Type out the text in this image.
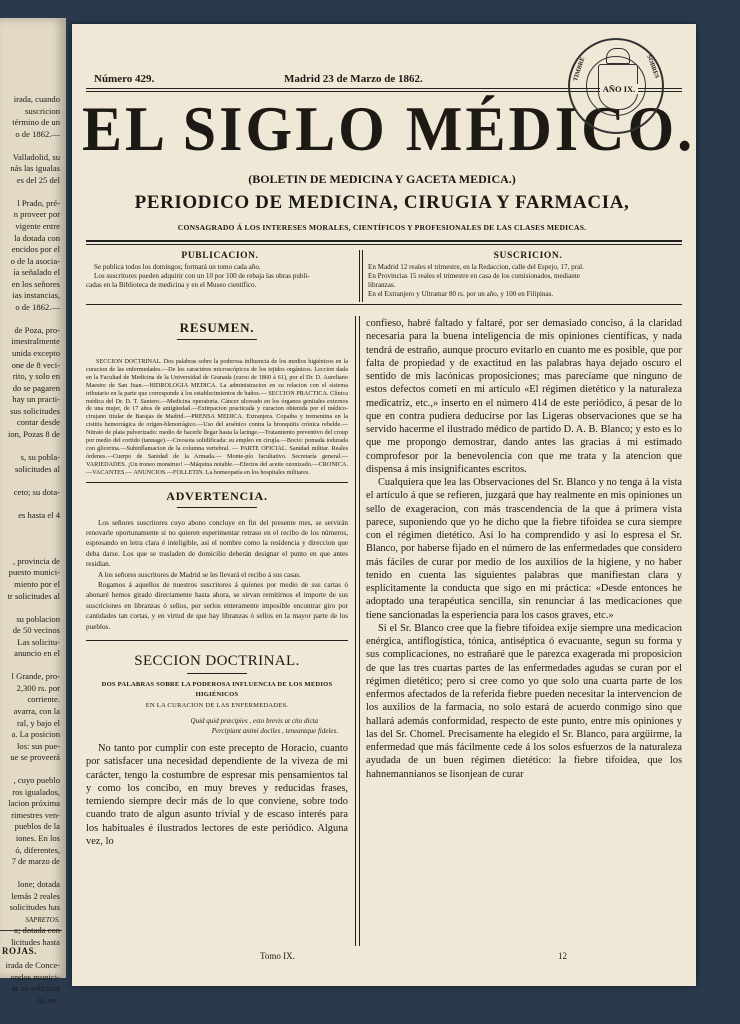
irada, cuando
suscricion
término de un
o de 1862.—

Valladolid, su
nás las igualas
es del 25 del

l Prado, pré-
n proveer por
vigente entre
la dotada con
encidos por el
o de la asocia-
ía señalado el
en los señores
ias instancias,
o de 1862.—

de Poza, pro-
imestralmente
unida excepto
one de 8 veci-
rito, y solo en
do se pagaren
hay un practi-
sus solicitudes
contar desde
ion, Pozas 8 de

s, su pobla-
solicitudes al

ceto; su dota-

es hasta el 4

, provincia de
puesto munici-
miento por el
tr solicitudes al

su poblacion
de 50 vecinos
Las solicitu-
anuncio en el

l Grande, pro-
2,300 rs. por
corriente.
avarra, con la
ral, y bajo el
a. La posicion
los: sus pue-
ue se proveerá

, cuyo pueblo
ros igualados,
lacion próxima
rimestres ven-
pueblos de la
iones. En los
ó, diferentes,
7 de marzo de

lone; dotada
lemás 2 reales
solicitudes has

licitudes hasta

irada de Conce-
ondos munici-
ar su solicitud
ia, etc.
SAPRETOS.
ROJAS.
Número 429.	Madrid 23 de Marzo de 1862.
EL SIGLO MÉDICO.
(BOLETIN DE MEDICINA Y GACETA MEDICA.)
PERIODICO DE MEDICINA, CIRUGIA Y FARMACIA,
CONSAGRADO Á LOS INTERESES MORALES, CIENTÍFICOS Y PROFESIONALES DE LAS CLASES MEDICAS.
AÑO IX.
TIMBRE	SOBRES
PUBLICACION.
Se publica todos los domingos; formará un tomo cada año.
Los suscritores pueden adquirir con un 10 por 100 de rebaja las obras publi-
cadas en la Biblioteca de medicina y en el Museo científico.
SUSCRICION.
En Madrid 12 reales el trimestre, en la Redaccion, calle del Espejo, 17, pral.
En Provincias 15 reales el trimestre en casa de los comisionados, mediante
libranzas.
En el Extranjero y Ultramar 80 rs. por un año, y 100 en Filipinas.
RESUMEN.
SECCION DOCTRINAL. Dos palabras sobre la poderosa influencia de los medios higiénicos en la curacion de las enfermedades.—De los caractéres microscópicos de los tejidos orgánicos. Leccion dada en la Facultad de Medicina de la Universidad de Granada (curso de 1860 á 61), por el Dr. D. Aureliano Maestre de San Juan.—HIDROLOGIA MEDICA. La administracion en su relacion con el sistema tributario en la parte que corresponde á los establecimientos de baños.— SECCION PRACTICA. Clínica médica del Dr. D. T. Santero.—Medicina operatoria. Cáncer ulcerado en los órganos genitales externos de una mujer, de 17 años de antigüedad.—Extirpacion practicada y curacion obtenida por el médico-cirujano titular de Barajas de Madrid.—PRENSA MEDICA. Extranjera. Copaiba y trementina en la cistitis hemorrágica de origen-blenorrágico.—Uso del arsénico contra la bronquitis crónica rebelde.—Nitrato de plata pulverizado: medio de hacerle llegar hasta la laringe.—Tratamiento preventivo del croup por medio del cortido (tannage).—Creosota solidificada: su empleo en cirujía.—Bocio: pomada iodurada con glicerina.—Subinflamacion de la columna vertebral. — PARTE OFICIAL. Sanidad militar. Reales órdenes.—Cuerpo de Sanidad de la Armada.— Monte-pío facultativo. Secretaría general.—VARIEDADES. ¡Un troneo monstruo! —Máquina notable.—Efectos del aceite ozonizado.—CRONICA.—VACANTES.— ANUNCIOS.—FOLLETIN. La homeopatía en los hospitales militares.
ADVERTENCIA.
Los señores suscritores cuyo abono concluye en fin del presente mes, se servirán renovarle oportunamente si no quieren esperimentar retraso en el recibo de los números, espresando en letra clara é inteligible, así el nombre como la residencia y direccion que deba darse. Los que se trasladen de domicilio deberán designar el punto en que antes residian.
A los señores suscritores de Madrid se les llevará el recibo á sus casas.
Rogamos á aquellos de nuestros suscritores á quienes por medio de sus cartas ó abonaré hemos girado directamente hasta ahora, se sirvan remitirnos el importe de sus suscriciones en libranzas ó sellos, por serlos enteramente imposible encontrar giro por cantidades tan cortas, y en virtud de que hay libranzas ó sellos en la mayor parte de los pueblos.
SECCION DOCTRINAL.
DOS PALABRAS SOBRE LA PODEROSA INFLUENCIA DE LOS MEDIOS HIGIÉNICOS
EN LA CURACION DE LAS ENFERMEDADES.
Quid quid præcipies , esto brevis ut cito dicta
Percipiant animi dociles , teneantque fideles.

No tanto por cumplir con este precepto de Horacio, cuanto por satisfacer una necesidad dependiente de la viveza de mi carácter, tengo la costumbre de espresar mis pensamientos tal y como los concibo, en muy breves y reducidas frases, temiendo siempre decir más de lo que conviene, sobre todo cuando trato de algun asunto trivial y de escaso interés para los habituales é ilustrados lectores de este periódico. Alguna vez, lo

confieso, habré faltado y faltaré, por ser demasiado conciso, á la claridad necesaria para la buena inteligencia de mis opiniones científicas, y nada tendrá de estraño, aunque procuro evitarlo en cuanto me es posible, que por falta de propiedad y de exactitud en las palabras haya dejado oscuro el sentido de mis lacónicas proposiciones; mas parecíame que ninguno de estos defectos cometí en mi artículo «El régimen dietético y la naturaleza medicatriz, etc.,» inserto en el número 414 de este periódico, á pesar de lo que en contra pudiera deducirse por las Ligeras observaciones que se ha servido hacerme el ilustrado médico de partido D. A. B. Blanco; y esto es lo que me propongo demostrar, dando antes las gracias á mi estimado comprofesor por la benevolencia con que me trata y la atencion que dispensa á mis insignificantes escritos.

Cualquiera que lea las Observaciones del Sr. Blanco y no tenga á la vista el artículo á que se refieren, juzgará que hay realmente en mis opiniones un sello de exageracion, con más trascendencia de la que á primera vista parece, suponiendo que yo he dicho que la fiebre tifoidea se cura siempre con el régimen dietético. Así lo ha comprendido y así lo espresa el Sr. Blanco, por haberse fijado en el número de las enfermedades que considero más fáciles de curar por medio de los auxilios de la higiene, y no haber tenido en cuenta las siguientes palabras que manifiestan clara y esplícitamente la conducta que sigo en mi práctica: «Desde entonces he adoptado una terapéutica sencilla, sin renunciar á las medicaciones que tiene sancionadas la esperiencia para los casos graves, etc.»

Si el Sr. Blanco cree que la fiebre tifoidea exije siempre una medicacion enérgica, antiflogística, tónica, antiséptica ó evacuante, segun su forma y sus complicaciones, no estrañaré que le parezca exagerada mi proposicion de que las tres cuartas partes de las enfermedades agudas se curan por el régimen dietético; pero si cree como yo que solo una cuarta parte de los enfermos afectados de la referida fiebre pueden necesitar la intervencion de los auxilios de la farmacia, no solo estará de acuerdo conmigo sino que hallará además conformidad, respecto de este punto, entre mis opiniones y las del Sr. Chomel. Precisamente ha elegido el Sr. Blanco, para argüirme, la enfermedad que más fácilmente cede á los solos esfuerzos de la naturaleza ayudada de un buen régimen dietético: la fiebre tifoidea, que los hahnemannianos se lisonjean de curar

Tomo IX.	12
